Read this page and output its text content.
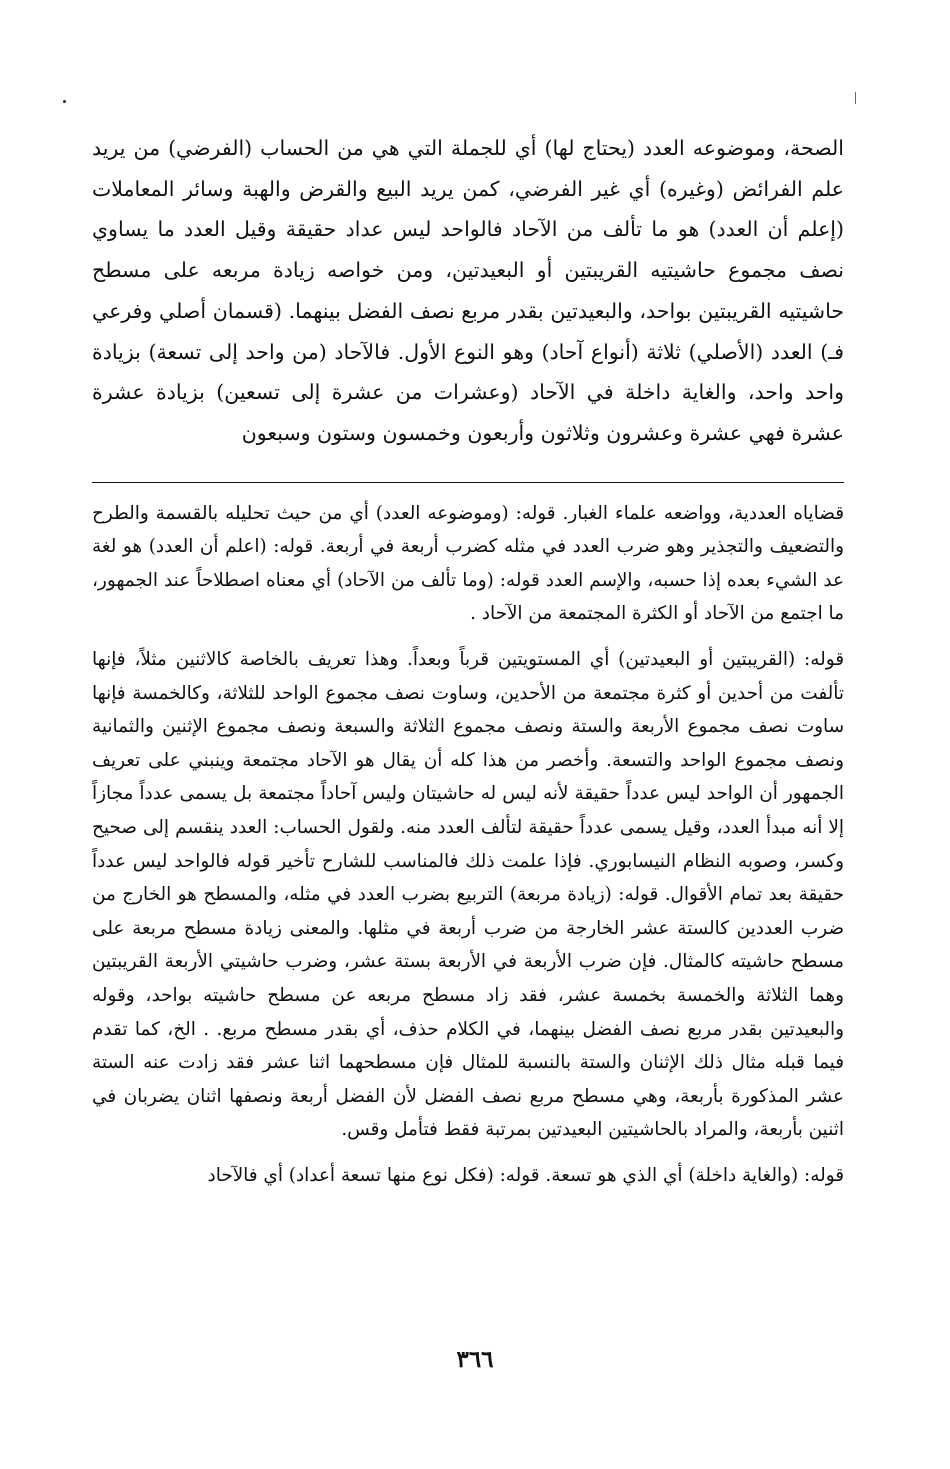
الصحة، وموضوعه العدد (يحتاج لها) أي للجملة التي هي من الحساب (الفرضي) من يريد علم الفرائض (وغيره) أي غير الفرضي، كمن يريد البيع والقرض والهبة وسائر المعاملات (إعلم أن العدد) هو ما تألف من الآحاد فالواحد ليس عداد حقيقة وقيل العدد ما يساوي نصف مجموع حاشيتيه القريبتين أو البعيدتين، ومن خواصه زيادة مربعه على مسطح حاشيتيه القريبتين بواحد، والبعيدتين بقدر مربع نصف الفضل بينهما. (قسمان أصلي وفرعي فـ) العدد (الأصلي) ثلاثة (أنواع آحاد) وهو النوع الأول. فالآحاد (من واحد إلى تسعة) بزيادة واحد واحد، والغاية داخلة في الآحاد (وعشرات من عشرة إلى تسعين) بزيادة عشرة عشرة فهي عشرة وعشرون وثلاثون وأربعون وخمسون وستون وسبعون

قضاياه العددية، وواضعه علماء الغبار. قوله: (وموضوعه العدد) أي من حيث تحليله بالقسمة والطرح والتضعيف والتجذير وهو ضرب العدد في مثله كضرب أربعة في أربعة. قوله: (اعلم أن العدد) هو لغة عد الشيء بعده إذا حسبه، والإسم العدد قوله: (وما تألف من الآحاد) أي معناه اصطلاحاً عند الجمهور، ما اجتمع من الآحاد أو الكثرة المجتمعة من الآحاد .

قوله: (القريبتين أو البعيدتين) أي المستويتين قرباً وبعداً. وهذا تعريف بالخاصة كالاثنين مثلاً، فإنها تألفت من أحدين أو كثرة مجتمعة من الأحدين، وساوت نصف مجموع الواحد للثلاثة، وكالخمسة فإنها ساوت نصف مجموع الأربعة والستة ونصف مجموع الثلاثة والسبعة ونصف مجموع الإثنين والثمانية ونصف مجموع الواحد والتسعة. وأخصر من هذا كله أن يقال هو الآحاد مجتمعة وينبني على تعريف الجمهور أن الواحد ليس عدداً حقيقة لأنه ليس له حاشيتان وليس آحاداً مجتمعة بل يسمى عدداً مجازاً إلا أنه مبدأ العدد، وقيل يسمى عدداً حقيقة لتألف العدد منه. ولقول الحساب: العدد ينقسم إلى صحيح وكسر، وصوبه النظام النيسابوري. فإذا علمت ذلك فالمناسب للشارح تأخير قوله فالواحد ليس عدداً حقيقة بعد تمام الأقوال. قوله: (زيادة مربعة) التربيع بضرب العدد في مثله، والمسطح هو الخارج من ضرب العددين كالستة عشر الخارجة من ضرب أربعة في مثلها. والمعنى زيادة مسطح مربعة على مسطح حاشيته كالمثال. فإن ضرب الأربعة في الأربعة بستة عشر، وضرب حاشيتي الأربعة القريبتين وهما الثلاثة والخمسة بخمسة عشر، فقد زاد مسطح مربعه عن مسطح حاشيته بواحد، وقوله والبعيدتين بقدر مربع نصف الفضل بينهما، في الكلام حذف، أي بقدر مسطح مربع. . الخ، كما تقدم فيما قبله مثال ذلك الإثنان والستة بالنسبة للمثال فإن مسطحهما اثنا عشر فقد زادت عنه الستة عشر المذكورة بأربعة، وهي مسطح مربع نصف الفضل لأن الفضل أربعة ونصفها اثنان يضربان في اثنين بأربعة، والمراد بالحاشيتين البعيدتين بمرتبة فقط فتأمل وقس.

قوله: (والغاية داخلة) أي الذي هو تسعة. قوله: (فكل نوع منها تسعة أعداد) أي فالآحاد

٣٦٦
